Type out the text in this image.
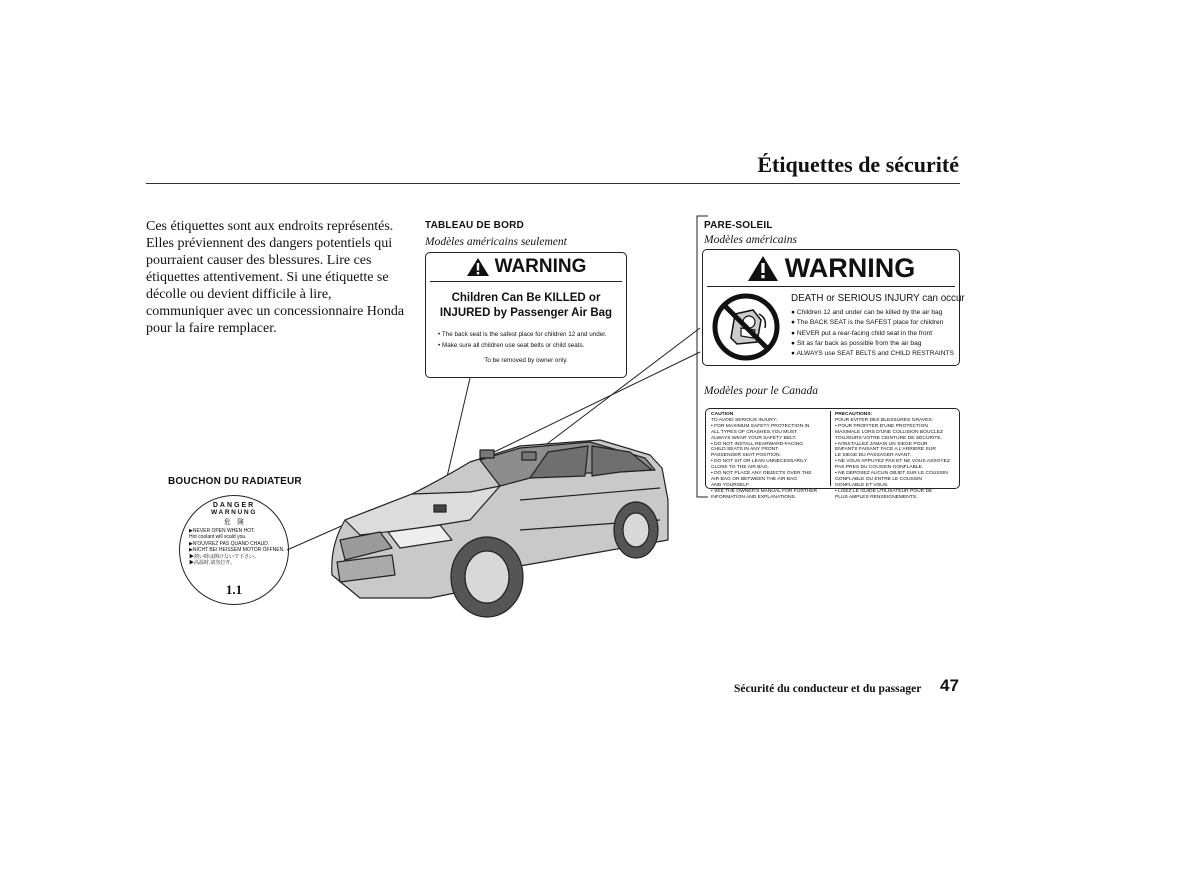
Étiquettes de sécurité
Ces étiquettes sont aux endroits représentés. Elles préviennent des dangers potentiels qui pourraient causer des blessures. Lire ces étiquettes attentivement. Si une étiquette se décolle ou devient difficile à lire, communiquer avec un concessionnaire Honda pour la faire remplacer.
TABLEAU DE BORD
Modèles américains seulement
WARNING
Children Can Be KILLED or
INJURED by Passenger Air Bag
• The back seat is the safest place for children 12 and under.
• Make sure all children use seat belts or child seats.
To be removed by owner only.
PARE-SOLEIL
Modèles américains
WARNING
DEATH or SERIOUS INJURY can occur
● Children 12 and under can be killed by the air bag
● The BACK SEAT is the SAFEST place for children
● NEVER put a rear-facing child seat in the front
● Sit as far back as possible from the air bag
● ALWAYS use SEAT BELTS and CHILD RESTRAINTS
Modèles pour le Canada
CAUTION
TO AVOID SERIOUS INJURY:
• FOR MAXIMUM SAFETY PROTECTION IN
ALL TYPES OF CRASHES,YOU MUST
ALWAYS WEAR YOUR SAFETY BELT.
• DO NOT INSTALL REARWARD-FACING
CHILD SEATS IN ANY FRONT
PASSENGER SEAT POSITION.
• DO NOT SIT OR LEAN UNNECESSARILY
CLOSE TO THE AIR BAG.
• DO NOT PLACE ANY OBJECTS OVER THE
AIR BAG OR BETWEEN THE AIR BAG
AND YOURSELF.
• SEE THE OWNER'S MANUAL FOR FURTHER
INFORMATION AND EXPLANATIONS.
PRECAUTIONS:
POUR EVITER DES BLESSURES GRAVES:
• POUR PROFITER D'UNE PROTECTION
MAXIMALE LORS D'UNE COLLISION BOUCLEZ
TOUJOURS VOTRE CEINTURE DE SÉCURITE.
• N'INSTALLEZ JAMAIS UN SIEGE POUR
ENFANTS FAISANT FACE A L'ARRIERE SUR
LE SIEGE DU PASSAGER AVANT.
• NE VOUS APPUYEZ PAS ET NE VOUS ASSOYEZ
PAS PRES DU COUSSIN GONFLABLE.
• NE DEPOSEZ AUCUN OBJET SUR LE COUSSIN
GONFLABLE OU ENTRE LE COUSSIN
GONFLABLE ET VOUS.
• LISEZ LE GUIDE UTILISATEUR POUR DE
PLUS AMPLES RENSEIGNEMENTS.
BOUCHON DU RADIATEUR
DANGER
WARNUNG
危　険
▶NEVER OPEN WHEN HOT.
Hot coolant will scald you.
▶N'OUVREZ PAS QUAND CHAUD.
▶NICHT BEI HEISSEM MOTOR ÖFFNEN.
▶熱い時は開けないで下さい。
▶高温时,请勿打开。
1.1
Sécurité du conducteur et du passager 47
